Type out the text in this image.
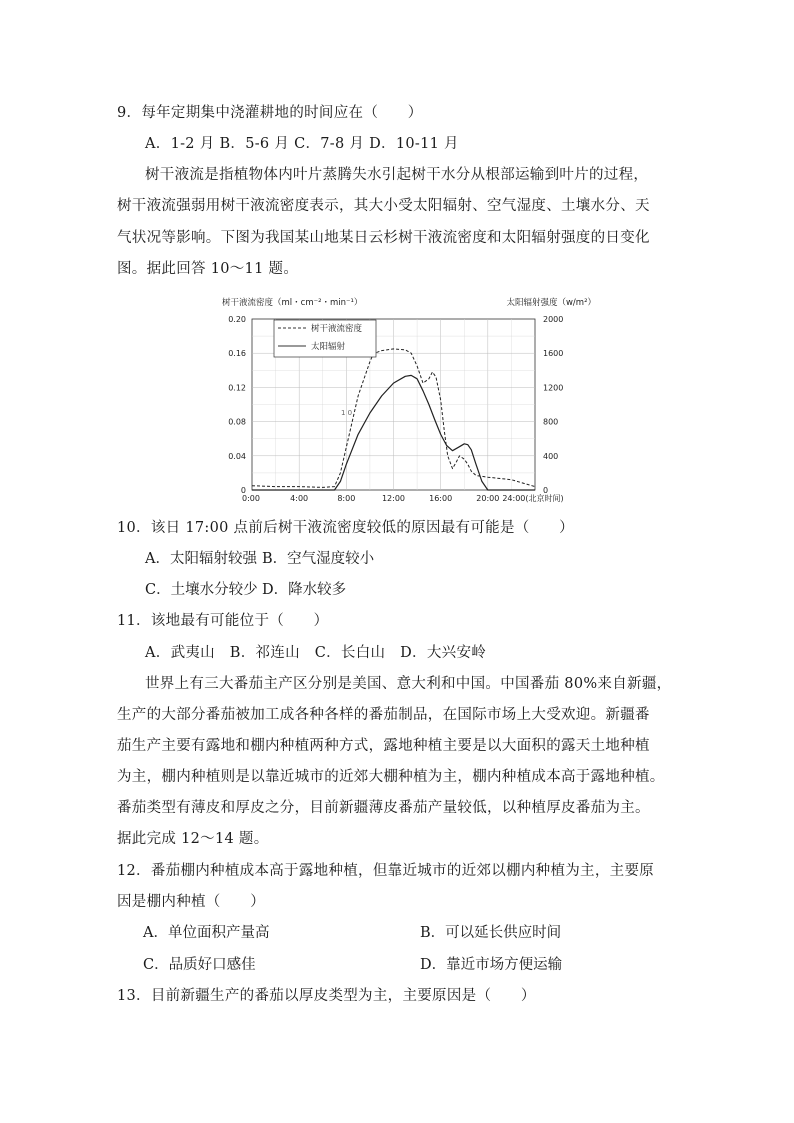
9．每年定期集中浇灌耕地的时间应在（　　）
A．1-2 月 B．5-6 月 C．7-8 月 D．10-11 月
树干液流是指植物体内叶片蒸腾失水引起树干水分从根部运输到叶片的过程，
树干液流强弱用树干液流密度表示，其大小受太阳辐射、空气湿度、土壤水分、天
气状况等影响。下图为我国某山地某日云杉树干液流密度和太阳辐射强度的日变化
图。据此回答 10～11 题。
树干液流密度（ml・cm⁻²・min⁻¹）	太阳辐射强度（w/m²）
0:00	4:00	8:00	12:00	16:00	20:00 24:00(北京时间)
0
0.04
0.08
0.12
0.16
0.20
0
400
800
1200
1600
2000
树干液流密度
太阳辐射
1 0
10．该日 17:00 点前后树干液流密度较低的原因最有可能是（　　）
A．太阳辐射较强 B．空气湿度较小
C．土壤水分较少 D．降水较多
11．该地最有可能位于（　　）
A．武夷山　B．祁连山　C．长白山　D．大兴安岭
世界上有三大番茄主产区分别是美国、意大利和中国。中国番茄 80%来自新疆，
生产的大部分番茄被加工成各种各样的番茄制品，在国际市场上大受欢迎。新疆番
茄生产主要有露地和棚内种植两种方式，露地种植主要是以大面积的露天土地种植
为主，棚内种植则是以靠近城市的近郊大棚种植为主，棚内种植成本高于露地种植。
番茄类型有薄皮和厚皮之分，目前新疆薄皮番茄产量较低，以种植厚皮番茄为主。
据此完成 12～14 题。
12．番茄棚内种植成本高于露地种植，但靠近城市的近郊以棚内种植为主，主要原
因是棚内种植（　　）
A．单位面积产量高	B．可以延长供应时间
C．品质好口感佳	D．靠近市场方便运输
13．目前新疆生产的番茄以厚皮类型为主，主要原因是（　　）
